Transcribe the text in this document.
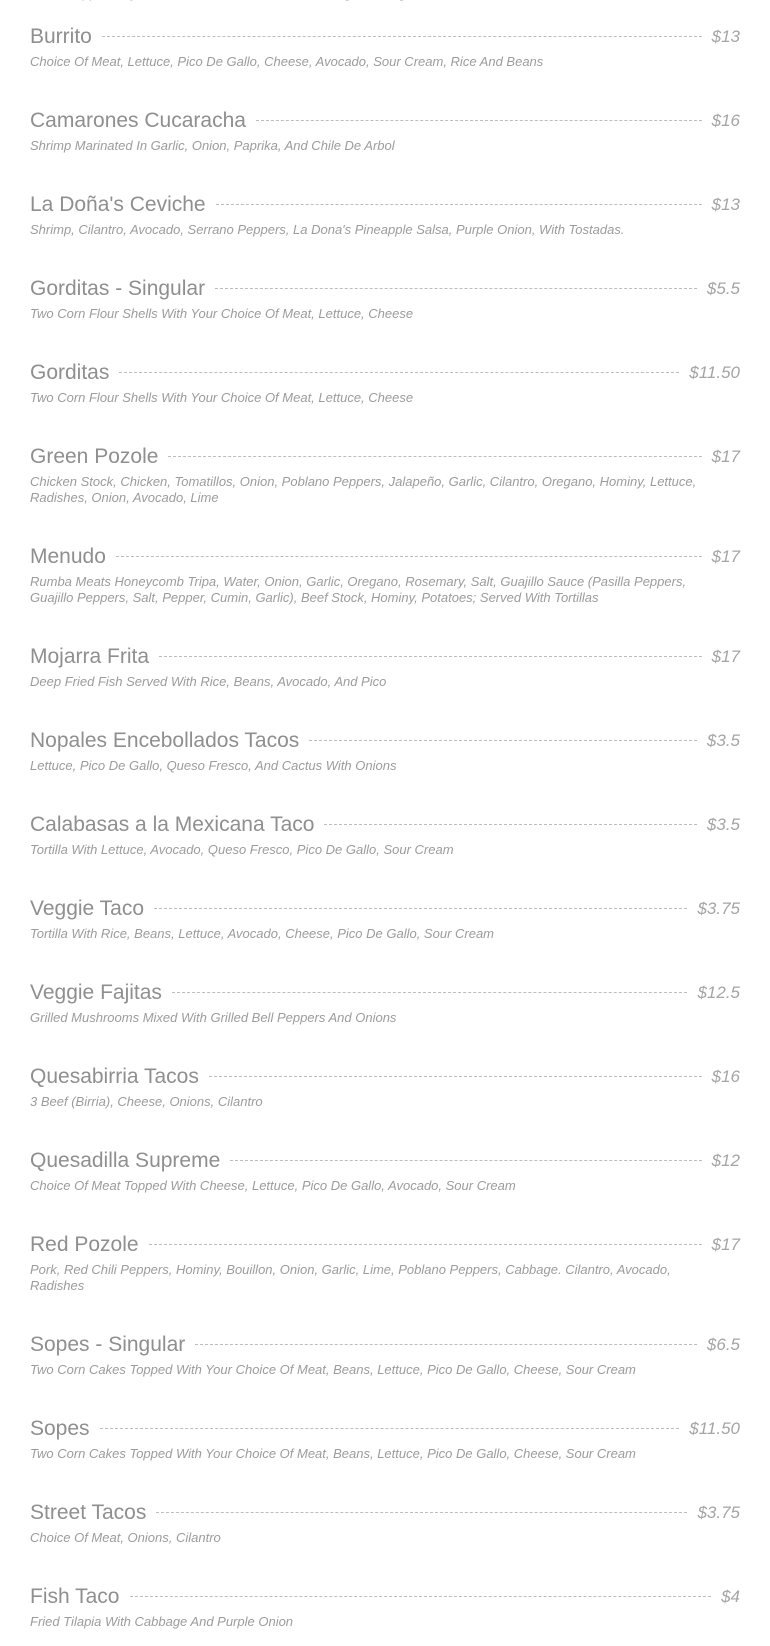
Burrito	$13
Choice Of Meat, Lettuce, Pico De Gallo, Cheese, Avocado, Sour Cream, Rice And Beans
Camarones Cucaracha	$16
Shrimp Marinated In Garlic, Onion, Paprika, And Chile De Arbol
La Doña's Ceviche	$13
Shrimp, Cilantro, Avocado, Serrano Peppers, La Dona's Pineapple Salsa, Purple Onion, With Tostadas.
Gorditas - Singular	$5.5
Two Corn Flour Shells With Your Choice Of Meat, Lettuce, Cheese
Gorditas	$11.50
Two Corn Flour Shells With Your Choice Of Meat, Lettuce, Cheese
Green Pozole	$17
Chicken Stock, Chicken, Tomatillos, Onion, Poblano Peppers, Jalapeño, Garlic, Cilantro, Oregano, Hominy, Lettuce, Radishes, Onion, Avocado, Lime
Menudo	$17
Rumba Meats Honeycomb Tripa, Water, Onion, Garlic, Oregano, Rosemary, Salt, Guajillo Sauce (Pasilla Peppers, Guajillo Peppers, Salt, Pepper, Cumin, Garlic), Beef Stock, Hominy, Potatoes; Served With Tortillas
Mojarra Frita	$17
Deep Fried Fish Served With Rice, Beans, Avocado, And Pico
Nopales Encebollados Tacos	$3.5
Lettuce, Pico De Gallo, Queso Fresco, And Cactus With Onions
Calabasas a la Mexicana Taco	$3.5
Tortilla With Lettuce, Avocado, Queso Fresco, Pico De Gallo, Sour Cream
Veggie Taco	$3.75
Tortilla With Rice, Beans, Lettuce, Avocado, Cheese, Pico De Gallo, Sour Cream
Veggie Fajitas	$12.5
Grilled Mushrooms Mixed With Grilled Bell Peppers And Onions
Quesabirria Tacos	$16
3 Beef (Birria), Cheese, Onions, Cilantro
Quesadilla Supreme	$12
Choice Of Meat Topped With Cheese, Lettuce, Pico De Gallo, Avocado, Sour Cream
Red Pozole	$17
Pork, Red Chili Peppers, Hominy, Bouillon, Onion, Garlic, Lime, Poblano Peppers, Cabbage. Cilantro, Avocado, Radishes
Sopes - Singular	$6.5
Two Corn Cakes Topped With Your Choice Of Meat, Beans, Lettuce, Pico De Gallo, Cheese, Sour Cream
Sopes	$11.50
Two Corn Cakes Topped With Your Choice Of Meat, Beans, Lettuce, Pico De Gallo, Cheese, Sour Cream
Street Tacos	$3.75
Choice Of Meat, Onions, Cilantro
Fish Taco	$4
Fried Tilapia With Cabbage And Purple Onion
